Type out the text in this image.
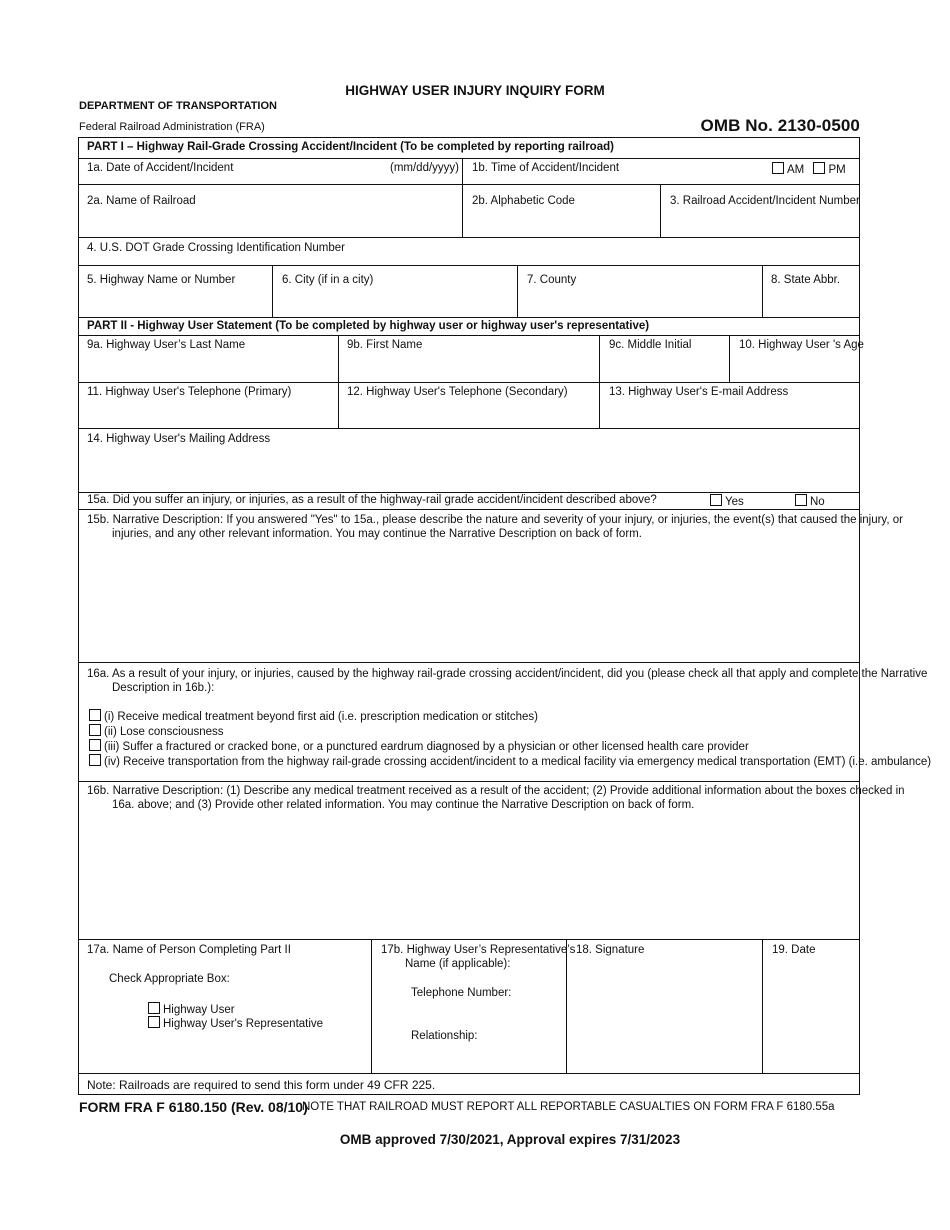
HIGHWAY USER INJURY INQUIRY FORM
DEPARTMENT OF TRANSPORTATION
Federal Railroad Administration (FRA)	OMB No. 2130-0500
PART I – Highway Rail-Grade Crossing Accident/Incident (To be completed by reporting railroad)
1a. Date of Accident/Incident	(mm/dd/yyyy) 1b. Time of Accident/Incident	AM PM
2a. Name of Railroad	2b. Alphabetic Code	3. Railroad Accident/Incident Number
4. U.S. DOT Grade Crossing Identification Number
5. Highway Name or Number	6. City (if in a city)	7. County	8. State Abbr.
PART II - Highway User Statement (To be completed by highway user or highway user's representative)
9a. Highway User’s Last Name	9b. First Name	9c. Middle Initial	10. Highway User 's Age
11. Highway User's Telephone (Primary)	12. Highway User's Telephone (Secondary)	13. Highway User's E-mail Address
14. Highway User's Mailing Address
15a. Did you suffer an injury, or injuries, as a result of the highway-rail grade accident/incident described above?	Yes	No
15b. Narrative Description: If you answered "Yes" to 15a., please describe the nature and severity of your injury, or injuries, the event(s) that caused the injury, or
injuries, and any other relevant information. You may continue the Narrative Description on back of form.
16a. As a result of your injury, or injuries, caused by the highway rail-grade crossing accident/incident, did you (please check all that apply and complete the Narrative
Description in 16b.):
(i) Receive medical treatment beyond first aid (i.e. prescription medication or stitches)
(ii) Lose consciousness
(iii) Suffer a fractured or cracked bone, or a punctured eardrum diagnosed by a physician or other licensed health care provider
(iv) Receive transportation from the highway rail-grade crossing accident/incident to a medical facility via emergency medical transportation (EMT) (i.e. ambulance)
16b. Narrative Description: (1) Describe any medical treatment received as a result of the accident; (2) Provide additional information about the boxes checked in
16a. above; and (3) Provide other related information. You may continue the Narrative Description on back of form.
17a. Name of Person Completing Part II
Check Appropriate Box:
Highway User
Highway User's Representative
17b. Highway User’s Representative’s
Name (if applicable):
Telephone Number:
Relationship:
18. Signature	19. Date
Note: Railroads are required to send this form under 49 CFR 225.
FORM FRA F 6180.150 (Rev. 08/10)
NOTE THAT RAILROAD MUST REPORT ALL REPORTABLE CASUALTIES ON FORM FRA F 6180.55a
OMB approved 7/30/2021, Approval expires 7/31/2023
